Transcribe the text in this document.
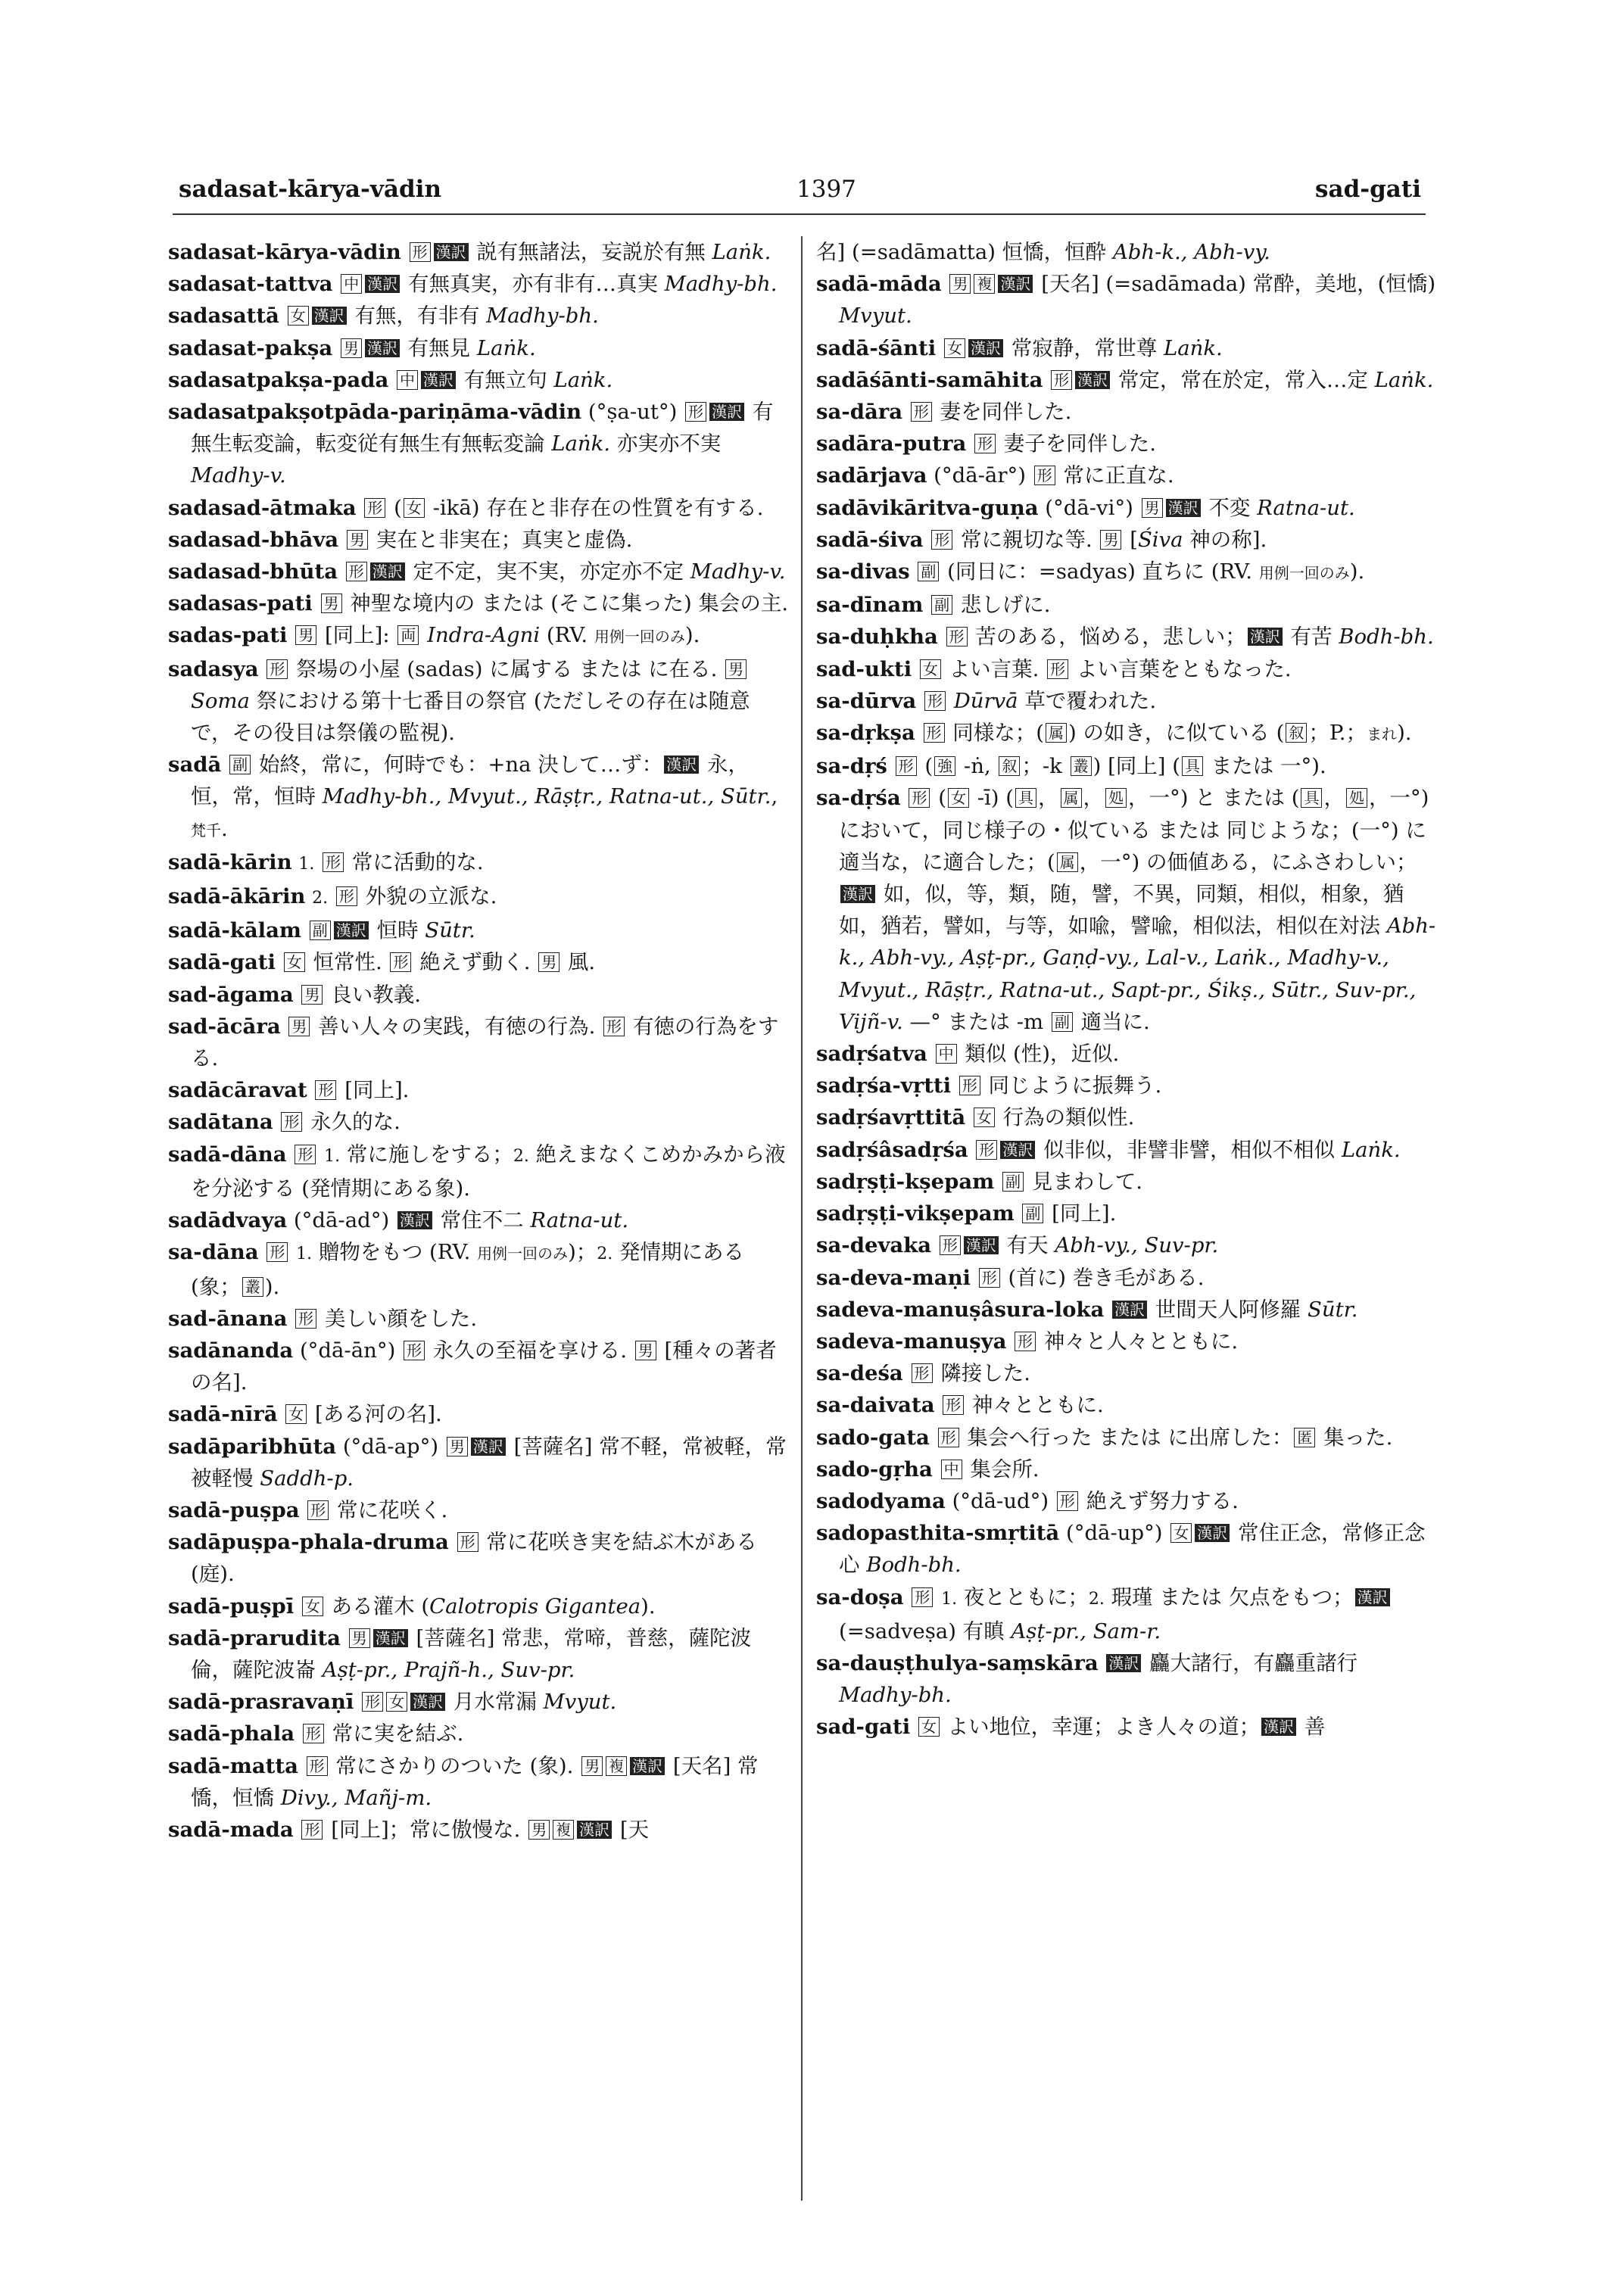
sadasat-kārya-vādin	1397	sad-gati

sadasat-kārya-vādin 形 漢訳 説有無諸法，妄説於有無 Laṅk.

sadasat-tattva 中 漢訳 有無真実，亦有非有…真実 Madhy-bh.

sadasattā 女 漢訳 有無，有非有 Madhy-bh.

sadasat-pakṣa 男 漢訳 有無見 Laṅk.

sadasatpakṣa-pada 中 漢訳 有無立句 Laṅk.

sadasatpakṣotpāda-pariṇāma-vādin (°ṣa-ut°) 形 漢訳 有無生転変論，転変従有無生有無転変論 Laṅk. 亦実亦不実 Madhy-v.

sadasad-ātmaka 形 ( 女 -ikā) 存在と非存在の性質を有する.

sadasad-bhāva 男 実在と非実在；真実と虚偽.

sadasad-bhūta 形 漢訳 定不定，実不実，亦定亦不定 Madhy-v.

sadasas-pati 男 神聖な境内の または (そこに集った) 集会の主.

sadas-pati 男 [同上]: 両 Indra-Agni (RV. 用例一回のみ).

sadasya 形 祭場の小屋 (sadas) に属する または に在る. 男 Soma 祭における第十七番目の祭官 (ただしその存在は随意で，その役目は祭儀の監視).

sadā 副 始終，常に，何時でも：+na 決して…ず： 漢訳 永，恒，常，恒時 Madhy-bh., Mvyut., Rāṣṭr., Ratna-ut., Sūtr., 梵千.

sadā-kārin 1. 形 常に活動的な.

sadā-ākārin 2. 形 外貌の立派な.

sadā-kālam 副 漢訳 恒時 Sūtr.

sadā-gati 女 恒常性. 形 絶えず動く. 男 風.

sad-āgama 男 良い教義.

sad-ācāra 男 善い人々の実践，有徳の行為. 形 有徳の行為をする.

sadācāravat 形 [同上].

sadātana 形 永久的な.

sadā-dāna 形 1. 常に施しをする；2. 絶えまなくこめかみから液を分泌する (発情期にある象).

sadādvaya (°dā-ad°) 漢訳 常住不二 Ratna-ut.

sa-dāna 形 1. 贈物をもつ (RV. 用例一回のみ)；2. 発情期にある (象； 叢 ).

sad-ānana 形 美しい顔をした.

sadānanda (°dā-ān°) 形 永久の至福を享ける. 男 [種々の著者の名].

sadā-nīrā 女 [ある河の名].

sadāparibhūta (°dā-ap°) 男 漢訳 [菩薩名] 常不軽，常被軽，常被軽慢 Saddh-p.

sadā-puṣpa 形 常に花咲く.

sadāpuṣpa-phala-druma 形 常に花咲き実を結ぶ木がある (庭).

sadā-puṣpī 女 ある灌木 (Calotropis Gigantea).

sadā-prarudita 男 漢訳 [菩薩名] 常悲，常啼，普慈，薩陀波倫，薩陀波崙 Aṣṭ-pr., Prajñ-h., Suv-pr.

sadā-prasravaṇī 形 女 漢訳 月水常漏 Mvyut.

sadā-phala 形 常に実を結ぶ.

sadā-matta 形 常にさかりのついた (象). 男 複 漢訳 [天名] 常憍，恒憍 Divy., Mañj-m.

sadā-mada 形 [同上]；常に傲慢な. 男 複 漢訳 [天

名] (=sadāmatta) 恒憍，恒酔 Abh-k., Abh-vy.

sadā-māda 男 複 漢訳 [天名] (=sadāmada) 常酔，美地，(恒憍) Mvyut.

sadā-śānti 女 漢訳 常寂静，常世尊 Laṅk.

sadāśānti-samāhita 形 漢訳 常定，常在於定，常入…定 Laṅk.

sa-dāra 形 妻を同伴した.

sadāra-putra 形 妻子を同伴した.

sadārjava (°dā-ār°) 形 常に正直な.

sadāvikāritva-guṇa (°dā-vi°) 男 漢訳 不変 Ratna-ut.

sadā-śiva 形 常に親切な等. 男 [Śiva 神の称].

sa-divas 副 (同日に：=sadyas) 直ちに (RV. 用例一回のみ).

sa-dīnam 副 悲しげに.

sa-duḥkha 形 苦のある，悩める，悲しい； 漢訳 有苦 Bodh-bh.

sad-ukti 女 よい言葉. 形 よい言葉をともなった.

sa-dūrva 形 Dūrvā 草で覆われた.

sa-dṛkṣa 形 同様な；( 属 ) の如き，に似ている ( 叙 ；P.；まれ).

sa-dṛś 形 ( 強 -ṅ, 叙 ；-k 叢 ) [同上] ( 具 または 一°).

sa-dṛśa 形 ( 女 -ī) ( 具 ， 属 ， 処 ，一°) と または ( 具 ， 処 ，一°) において，同じ様子の・似ている または 同じような；(一°) に適当な，に適合した；( 属 ，一°) の価値ある，にふさわしい；漢訳 如，似，等，類，随，譬，不異，同類，相似，相象，猶如，猶若，譬如，与等，如喩，譬喩，相似法，相似在対法 Abh-k., Abh-vy., Aṣṭ-pr., Gaṇḍ-vy., Lal-v., Laṅk., Madhy-v., Mvyut., Rāṣṭr., Ratna-ut., Sapt-pr., Śikṣ., Sūtr., Suv-pr., Vijñ-v. —° または -m 副 適当に.

sadṛśatva 中 類似 (性)，近似.

sadṛśa-vṛtti 形 同じように振舞う.

sadṛśavṛttitā 女 行為の類似性.

sadṛśâsadṛśa 形 漢訳 似非似，非譬非譬，相似不相似 Laṅk.

sadṛṣṭi-kṣepam 副 見まわして.

sadṛṣṭi-vikṣepam 副 [同上].

sa-devaka 形 漢訳 有天 Abh-vy., Suv-pr.

sa-deva-maṇi 形 (首に) 巻き毛がある.

sadeva-manuṣâsura-loka 漢訳 世間天人阿修羅 Sūtr.

sadeva-manuṣya 形 神々と人々とともに.

sa-deśa 形 隣接した.

sa-daivata 形 神々とともに.

sado-gata 形 集会へ行った または に出席した： 匿 集った.

sado-gṛha 中 集会所.

sadodyama (°dā-ud°) 形 絶えず努力する.

sadopasthita-smṛtitā (°dā-up°) 女 漢訳 常住正念，常修正念心 Bodh-bh.

sa-doṣa 形 1. 夜とともに；2. 瑕瑾 または 欠点をもつ； 漢訳 (=sadveṣa) 有瞋 Aṣṭ-pr., Sam-r.

sa-dauṣṭhulya-saṃskāra 漢訳 麤大諸行，有麤重諸行 Madhy-bh.

sad-gati 女 よい地位，幸運；よき人々の道； 漢訳 善
